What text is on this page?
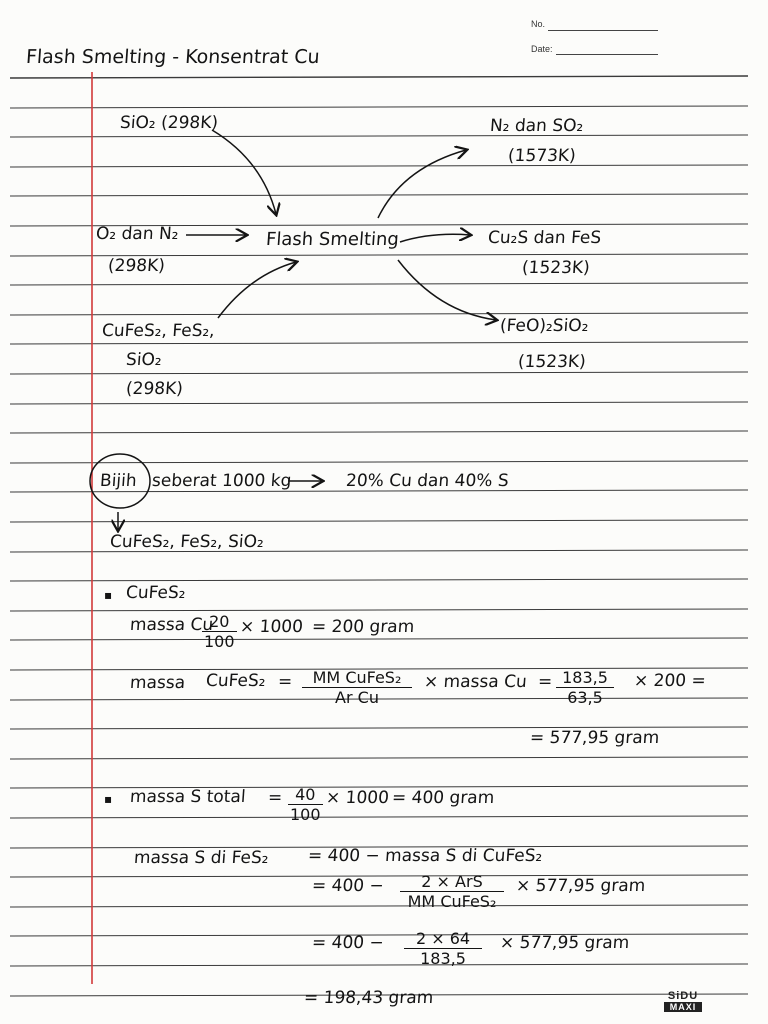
No.
Date:
Flash Smelting - Konsentrat Cu
SiO₂ (298K)
O₂ dan N₂
(298K)
CuFeS₂, FeS₂,
SiO₂
(298K)
Flash Smelting
N₂ dan SO₂
(1573K)
Cu₂S dan FeS
(1523K)
(FeO)₂SiO₂
(1523K)
Bijih seberat 1000 kg	20% Cu dan 40% S
CuFeS₂, FeS₂, SiO₂
▪ CuFeS₂
massa Cu
$\frac{20}{100} \times 1000 = 200$ gram
massa CuFeS₂ =	MM CuFeS₂
Ar Cu
× massa $Cu = \frac{183,5}{63,5} \times 200$ =
= 577,95 gram
▪ massa S total = $\frac{40}{100} \times 1000 = 400$ gram
massa S di FeS₂ = 400 − massa S di CuFeS₂
= 400 −	2 × ArS
MM CuFeS₂
× 577,95 gram
= $400 - \frac{2 \times 64}{183,5} \times 577,95$ gram
= 198,43 gram	SiDU
MAXI
